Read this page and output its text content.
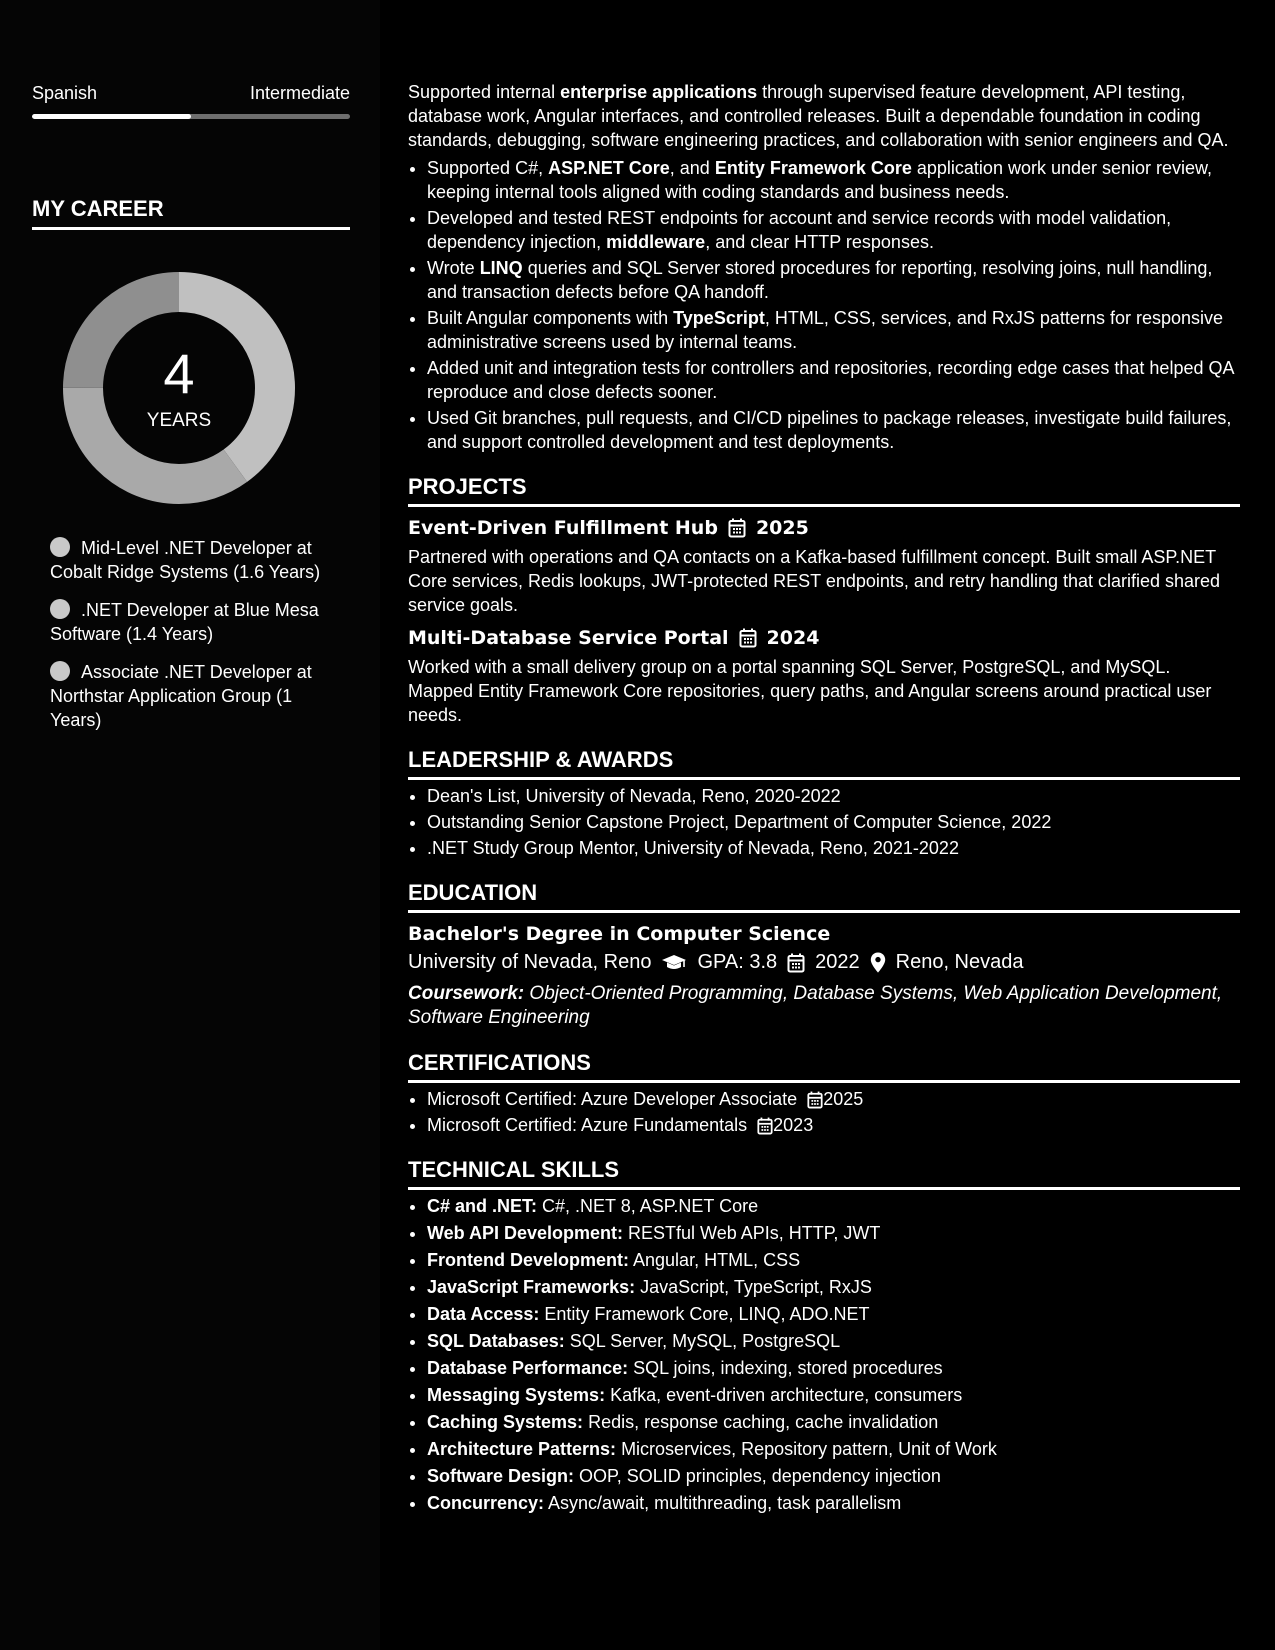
Spanish	Intermediate
MY CAREER
4
YEARS
Mid-Level .NET Developer at Cobalt Ridge Systems (1.6 Years)
.NET Developer at Blue Mesa Software (1.4 Years)
Associate .NET Developer at Northstar Application Group (1 Years)

Supported internal enterprise applications through supervised feature development, API testing, database work, Angular interfaces, and controlled releases. Built a dependable foundation in coding standards, debugging, software engineering practices, and collaboration with senior engineers and QA.

• Supported C#, ASP.NET Core, and Entity Framework Core application work under senior review, keeping internal tools aligned with coding standards and business needs.
• Developed and tested REST endpoints for account and service records with model validation, dependency injection, middleware, and clear HTTP responses.
• Wrote LINQ queries and SQL Server stored procedures for reporting, resolving joins, null handling, and transaction defects before QA handoff.
• Built Angular components with TypeScript, HTML, CSS, services, and RxJS patterns for responsive administrative screens used by internal teams.
• Added unit and integration tests for controllers and repositories, recording edge cases that helped QA reproduce and close defects sooner.
• Used Git branches, pull requests, and CI/CD pipelines to package releases, investigate build failures, and support controlled development and test deployments.
PROJECTS
Event-Driven Fulfillment Hub 2025
Partnered with operations and QA contacts on a Kafka-based fulfillment concept. Built small ASP.NET Core services, Redis lookups, JWT-protected REST endpoints, and retry handling that clarified shared service goals.
Multi-Database Service Portal 2024
Worked with a small delivery group on a portal spanning SQL Server, PostgreSQL, and MySQL. Mapped Entity Framework Core repositories, query paths, and Angular screens around practical user needs.
LEADERSHIP & AWARDS
• Dean's List, University of Nevada, Reno, 2020-2022
• Outstanding Senior Capstone Project, Department of Computer Science, 2022
• .NET Study Group Mentor, University of Nevada, Reno, 2021-2022
EDUCATION
Bachelor's Degree in Computer Science
University of Nevada, Reno GPA: 3.8 2022 Reno, Nevada
Coursework: Object-Oriented Programming, Database Systems, Web Application Development, Software Engineering
CERTIFICATIONS
• Microsoft Certified: Azure Developer Associate 2025
• Microsoft Certified: Azure Fundamentals 2023
TECHNICAL SKILLS
• C# and .NET: C#, .NET 8, ASP.NET Core
• Web API Development: RESTful Web APIs, HTTP, JWT
• Frontend Development: Angular, HTML, CSS
• JavaScript Frameworks: JavaScript, TypeScript, RxJS
• Data Access: Entity Framework Core, LINQ, ADO.NET
• SQL Databases: SQL Server, MySQL, PostgreSQL
• Database Performance: SQL joins, indexing, stored procedures
• Messaging Systems: Kafka, event-driven architecture, consumers
• Caching Systems: Redis, response caching, cache invalidation
• Architecture Patterns: Microservices, Repository pattern, Unit of Work
• Software Design: OOP, SOLID principles, dependency injection
• Concurrency: Async/await, multithreading, task parallelism
